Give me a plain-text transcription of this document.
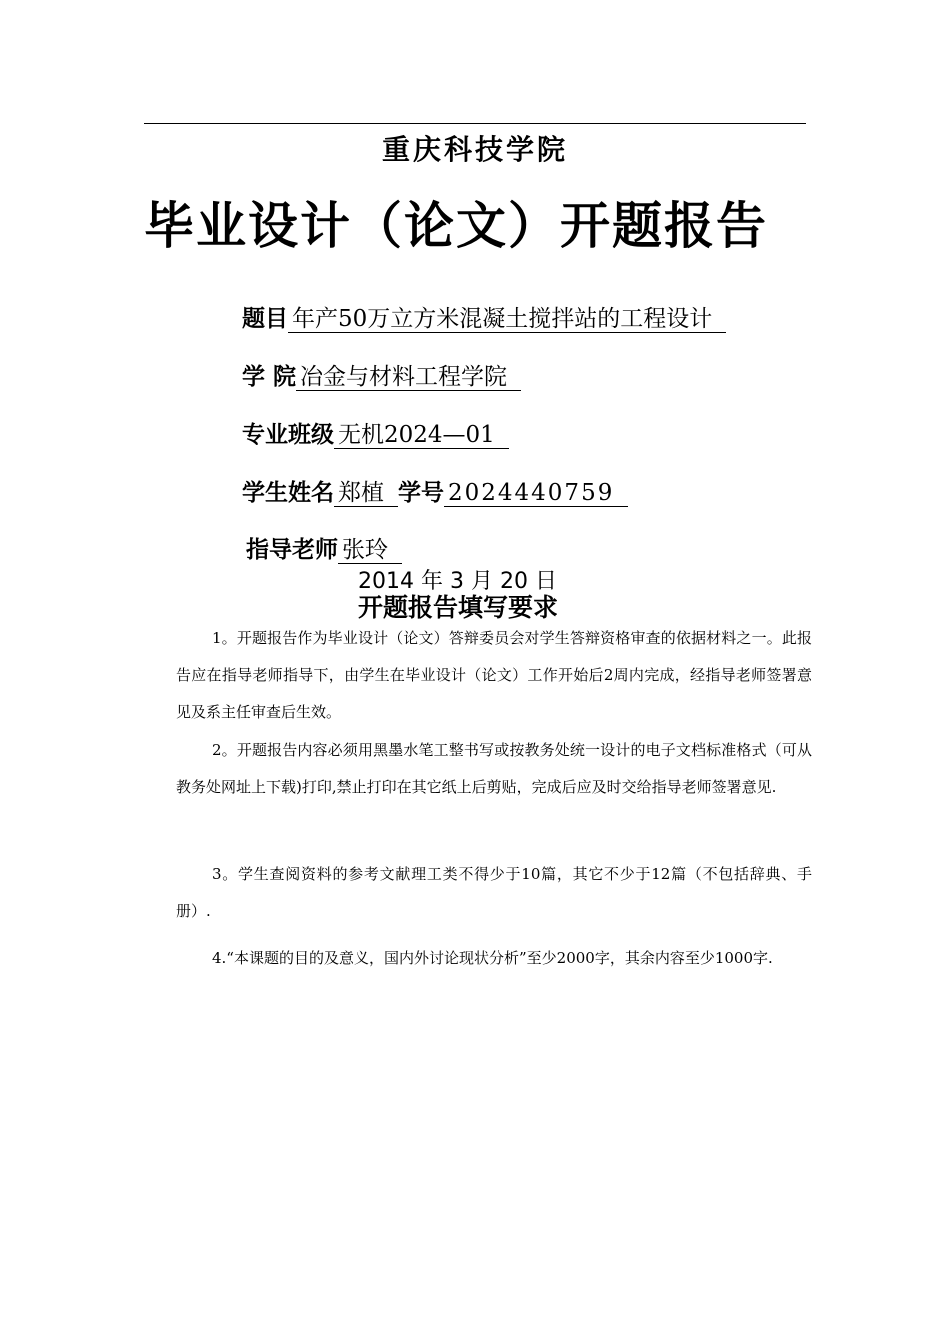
重庆科技学院
毕业设计（论文）开题报告
题目 年产50万立方米混凝土搅拌站的工程设计
学 院 冶金与材料工程学院
专业班级 无机2024—01
学生姓名 郑植 学号 2024440759
指导老师 张玲
2014 年 3 月 20 日
开题报告填写要求

1。开题报告作为毕业设计（论文）答辩委员会对学生答辩资格审查的依据材料之一。此报告应在指导老师指导下，由学生在毕业设计（论文）工作开始后2周内完成，经指导老师签署意见及系主任审查后生效。

2。开题报告内容必须用黑墨水笔工整书写或按教务处统一设计的电子文档标准格式（可从教务处网址上下载)打印,禁止打印在其它纸上后剪贴，完成后应及时交给指导老师签署意见.

3。学生查阅资料的参考文献理工类不得少于10篇，其它不少于12篇（不包括辞典、手册）.

4.“本课题的目的及意义，国内外讨论现状分析”至少2000字，其余内容至少1000字.
